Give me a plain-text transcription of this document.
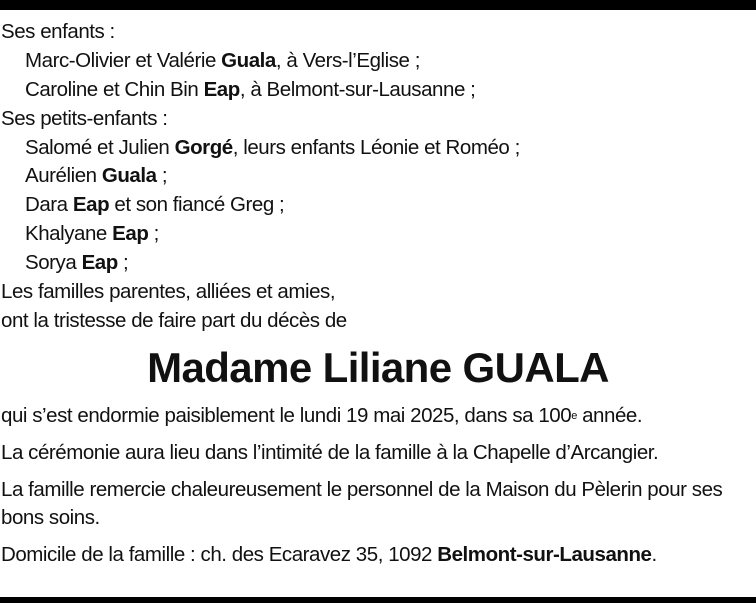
Ses enfants :
Marc-Olivier et Valérie Guala, à Vers-l’Eglise ;
Caroline et Chin Bin Eap, à Belmont-sur-Lausanne ;
Ses petits-enfants :
Salomé et Julien Gorgé, leurs enfants Léonie et Roméo ;
Aurélien Guala ;
Dara Eap et son fiancé Greg ;
Khalyane Eap ;
Sorya Eap ;
Les familles parentes, alliées et amies,
ont la tristesse de faire part du décès de
Madame Liliane GUALA
qui s’est endormie paisiblement le lundi 19 mai 2025, dans sa 100e année.
La cérémonie aura lieu dans l’intimité de la famille à la Chapelle d’Arcangier.
La famille remercie chaleureusement le personnel de la Maison du Pèlerin pour ses bons soins.
Domicile de la famille : ch. des Ecaravez 35, 1092 Belmont-sur-Lausanne.
